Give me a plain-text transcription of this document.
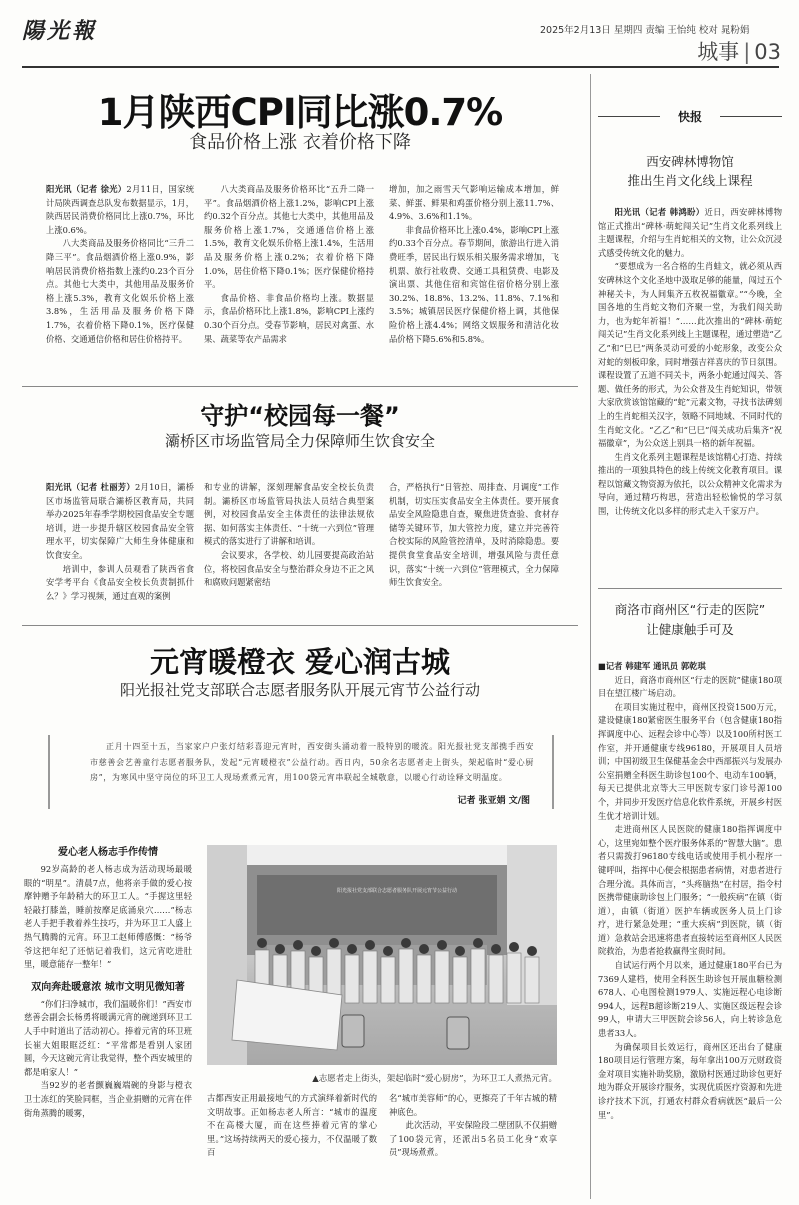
陽光報	2025年2月13日 星期四 责编 王怡纯 校对 晁粉娟
城事 | 03
1月陕西CPI同比涨0.7%
食品价格上涨 衣着价格下降

阳光讯（记者 徐光）2月11日，国家统计局陕西调查总队发布数据显示，1月，陕西居民消费价格同比上涨0.7%，环比上涨0.6%。

八大类商品及服务价格同比“三升二降三平”。食品烟酒价格上涨0.9%，影响居民消费价格指数上涨约0.23个百分点。其他七大类中，其他用品及服务价格上涨5.3%，教育文化娱乐价格上涨3.8%，生活用品及服务价格下降1.7%，衣着价格下降0.1%，医疗保健价格、交通通信价格和居住价格持平。

八大类商品及服务价格环比“五升二降一平”。食品烟酒价格上涨1.2%，影响CPI上涨约0.32个百分点。其他七大类中，其他用品及服务价格上涨1.7%，交通通信价格上涨1.5%，教育文化娱乐价格上涨1.4%，生活用品及服务价格上涨0.2%；衣着价格下降1.0%，居住价格下降0.1%；医疗保健价格持平。

食品价格、非食品价格均上涨。数据显示，食品价格环比上涨1.8%，影响CPI上涨约0.30个百分点。受春节影响，居民对禽蛋、水果、蔬菜等农产品需求

增加，加之雨雪天气影响运输成本增加，鲜菜、鲜蛋、鲜果和鸡蛋价格分别上涨11.7%、4.9%、3.6%和1.1%。

非食品价格环比上涨0.4%，影响CPI上涨约0.33个百分点。春节期间，旅游出行进入消费旺季，居民出行娱乐相关服务需求增加，飞机票、旅行社收费、交通工具租赁费、电影及演出票、其他住宿和宾馆住宿价格分别上涨30.2%、18.8%、13.2%、11.8%、7.1%和3.5%；城镇居民医疗保健价格上调，其他保险价格上涨4.4%；网络文娱服务和清洁化妆品价格下降5.6%和5.8%。

守护“校园每一餐”
灞桥区市场监管局全力保障师生饮食安全

阳光讯（记者 杜丽芳）2月10日，灞桥区市场监管局联合灞桥区教育局，共同举办2025年春季学期校园食品安全专题培训，进一步提升辖区校园食品安全管理水平，切实保障广大师生身体健康和饮食安全。

培训中，参训人员观看了陕西省食安学考平台《食品安全校长负责制抓什么？》学习视频，通过直观的案例

和专业的讲解，深刻理解食品安全校长负责制。灞桥区市场监管局执法人员结合典型案例，对校园食品安全主体责任的法律法规依据、如何落实主体责任、“十统一六到位”管理模式的落实进行了讲解和培训。

会议要求，各学校、幼儿园要提高政治站位，将校园食品安全与整治群众身边不正之风和腐败问题紧密结

合，严格执行“日管控、周排查、月调度”工作机制，切实压实食品安全主体责任。要开展食品安全风险隐患自查，聚焦进货查验、食材存储等关键环节，加大管控力度，建立并完善符合校实际的风险管控清单，及时消除隐患。要提供食堂食品安全培训，增强风险与责任意识，落实“十统一六到位”管理模式，全力保障师生饮食安全。

元宵暖橙衣 爱心润古城
阳光报社党支部联合志愿者服务队开展元宵节公益行动

正月十四至十五，当家家户户张灯结彩喜迎元宵时，西安街头涌动着一股特别的暖流。阳光报社党支部携手西安市慈善会艺善童行志愿者服务队，发起“元宵暖橙衣”公益行动。西日内，50余名志愿者走上街头，架起临时“爱心厨房”，为寒风中坚守岗位的环卫工人现场煮煮元宵，用100袋元宵串联起全城敬意，以暖心行动诠释文明温度。

记者 张亚娟 文/图
爱心老人杨志手作传情

92岁高龄的老人杨志成为活动现场最暖眼的“明星”。清晨7点，他将亲手做的爱心按摩钟赠予年龄稍大的环卫工人。“手握这里轻轻敲打膝盖，睡前按摩足底涌泉穴……”杨志老人手把手教着养生技巧，并为环卫工人盛上热气腾腾的元宵。环卫工赵师傅感慨：“杨爷爷这把年纪了还惦记着我们，这元宵吃进肚里，暖意能存一整年！”

双向奔赴暖意浓 城市文明见微知著

“你们扫净城市，我们温暖你们！”西安市慈善会副会长杨勇将暖满元宵的碗递到环卫工人手中时道出了活动初心。捧着元宵的环卫班长崔大姐眼眶泛红：“平常都是看别人家团圆，今天这碗元宵让我觉得，整个西安城里的都是咱家人！”

当92岁的老者颤巍巍端碗的身影与橙衣卫士冻红的笑脸同框，当企业捐赠的元宵在伴街角蒸腾的暖雾，

阳光报社党支部联合志愿者服务队开展元宵节公益行动
▲志愿者走上街头，架起临时“爱心厨房”，为环卫工人煮热元宵。

古都西安正用最接地气的方式演绎着新时代的文明故事。正如杨志老人所言：“城市的温度不在高楼大厦，而在这些捧着元宵的掌心里。”这场持续两天的爱心接力，不仅温暖了数百

名“城市美容师”的心，更擦亮了千年古城的精神底色。

此次活动，平安保险段二壁团队不仅捐赠了100袋元宵，还派出5名员工化身“欢享员”现场煮煮。

快报
西安碑林博物馆
推出生肖文化线上课程

阳光讯（记者 韩鸿盼）近日，西安碑林博物馆正式推出“碑林·萌蛇闯关记”生肖文化系列线上主题课程，介绍与生肖蛇相关的文物，让公众沉浸式感受传统文化的魅力。

“要想成为一名合格的生肖蛙文，就必须从西安碑林这个文化圣地中汲取足够的能量，闯过五个神秘关卡，为人间集齐五枚祝福徽章。”“今晚，全国各地的生肖蛇文物们齐聚一堂，为我们闯关助力，也为蛇年祈福！”……此次推出的“碑林·萌蛇闯关记”生肖文化系列线上主题课程，通过塑造“乙乙”和“巳巳”两条灵动可爱的小蛇形象，改变公众对蛇的刻板印象，同时增强吉祥喜庆的节日氛围。课程设置了五道不同关卡，两条小蛇通过闯关、答题、做任务的形式，为公众普及生肖蛇知识，带领大家欣赏该馆馆藏的“蛇”元素文物，寻找书法碑刻上的生肖蛇相关汉字，领略不同地域、不同时代的生肖蛇文化。“乙乙”和“巳巳”闯关成功后集齐“祝福徽章”，为公众送上别具一格的新年祝福。

生肖文化系列主题课程是该馆精心打造、持续推出的一项独具特色的线上传统文化教育项目。课程以馆藏文物资源为依托，以公众精神文化需求为导向，通过精巧构思，营造出轻松愉悦的学习氛围，让传统文化以多样的形式走入千家万户。

商洛市商州区“行走的医院”
让健康触手可及

■记者 韩建军 通讯员 郭乾琪

近日，商洛市商州区“行走的医院”健康180项目在望江楼广场启动。

在项目实施过程中，商州区投资1500万元，建设健康180紧密医生服务平台（包含健康180指挥调度中心、远程会诊中心等）以及100所村医工作室，并开通健康专线96180，开展项目人员培训；中国初级卫生保健基金会中西部振兴与发展办公室捐赠全科医生助诊包100个、电动车100辆，每天已提供北京等大三甲医院专家门诊号源100个，并同步开发医疗信息化软件系统，开展乡村医生优才培训计划。

走进商州区人民医院的健康180指挥调度中心，这里宛如整个医疗服务体系的“智慧大脑”。患者只需拨打96180专线电话或使用手机小程序一键呼叫，指挥中心便会根据患者病情，对患者进行合理分流。具体而言，“头疼脑热”在村居，指令村医携带健康助诊包上门服务；“一般疾病”在镇（街道），由镇（街道）医护车辆或医务人员上门诊疗，进行紧急处理；“重大疾病”到医院，镇（街道）急救站会迅速将患者直接转运至商州区人民医院救治，为患者抢救赢得宝贵时间。

自试运行两个月以来，通过健康180平台已为7369人建档，使用全科医生助诊包开展血糖检测678人、心电图检测1979人、实施远程心电诊断994人，远程B超诊断219人、实施区级远程会诊99人，申请大三甲医院会诊56人，向上转诊急危患者33人。

为确保项目长效运行，商州区还出台了健康180项目运行管理方案，每年拿出100万元财政资金对项目实施补助奖励，激励村医通过助诊包更好地为群众开展诊疗服务，实现优质医疗资源和先进诊疗技术下沉，打通农村群众看病就医“最后一公里”。
